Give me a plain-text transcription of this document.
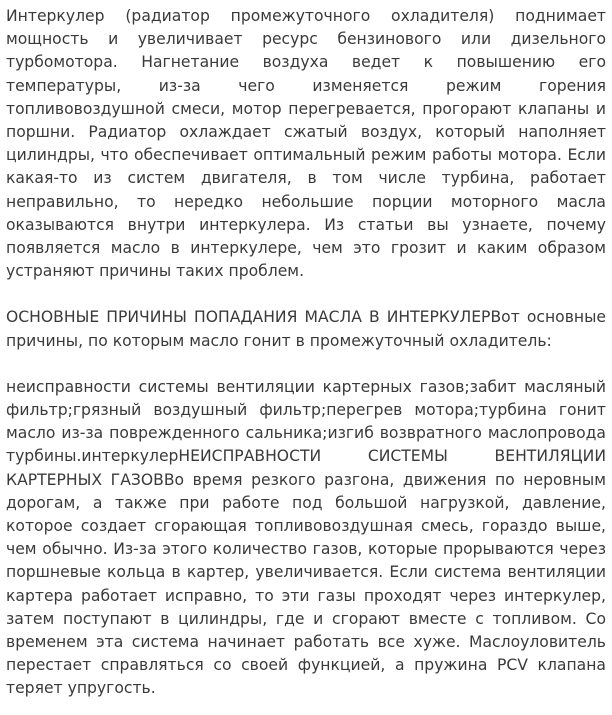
Интеркулер (радиатор промежуточного охладителя) поднимает мощность и увеличивает ресурс бензинового или дизельного турбомотора. Нагнетание воздуха ведет к повышению его температуры, из-за чего изменяется режим горения топливовоздушной смеси, мотор перегревается, прогорают клапаны и поршни. Радиатор охлаждает сжатый воздух, который наполняет цилиндры, что обеспечивает оптимальный режим работы мотора. Если какая-то из систем двигателя, в том числе турбина, работает неправильно, то нередко небольшие порции моторного масла оказываются внутри интеркулера. Из статьи вы узнаете, почему появляется масло в интеркулере, чем это грозит и каким образом устраняют причины таких проблем.

ОСНОВНЫЕ ПРИЧИНЫ ПОПАДАНИЯ МАСЛА В ИНТЕРКУЛЕРВот основные причины, по которым масло гонит в промежуточный охладитель:

неисправности системы вентиляции картерных газов;забит масляный фильтр;грязный воздушный фильтр;перегрев мотора;турбина гонит масло из-за поврежденного сальника;изгиб возвратного маслопровода турбины.интеркулерНЕИСПРАВНОСТИ СИСТЕМЫ ВЕНТИЛЯЦИИ КАРТЕРНЫХ ГАЗОВВо время резкого разгона, движения по неровным дорогам, а также при работе под большой нагрузкой, давление, которое создает сгорающая топливовоздушная смесь, гораздо выше, чем обычно. Из-за этого количество газов, которые прорываются через поршневые кольца в картер, увеличивается. Если система вентиляции картера работает исправно, то эти газы проходят через интеркулер, затем поступают в цилиндры, где и сгорают вместе с топливом. Со временем эта система начинает работать все хуже. Маслоуловитель перестает справляться со своей функцией, а пружина PCV клапана теряет упругость.
